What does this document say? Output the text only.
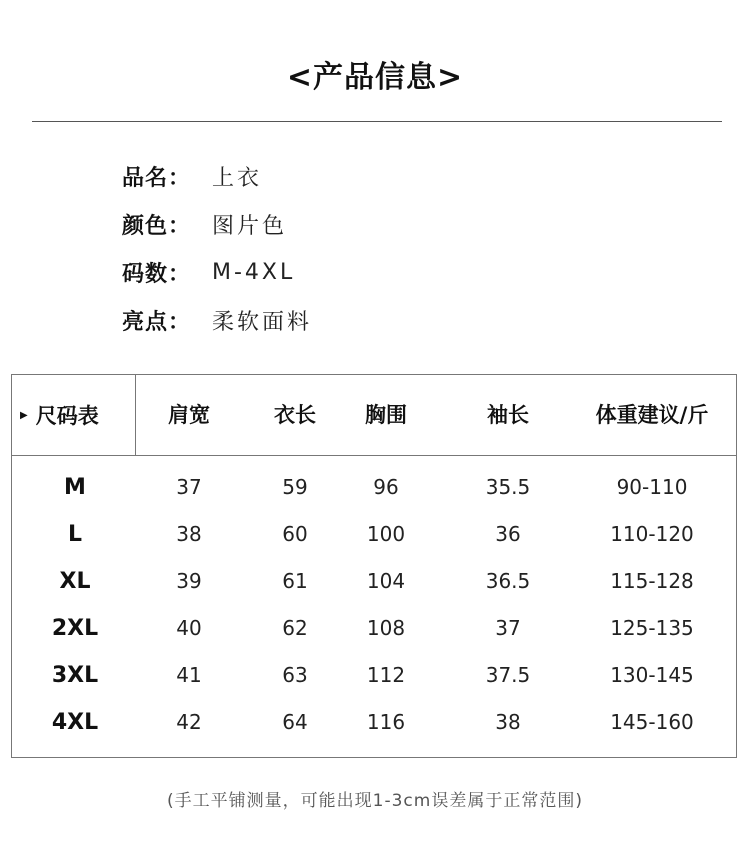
<产品信息>
品名： 上衣
颜色： 图片色
码数： M-4XL
亮点： 柔软面料
▶ 尺码表	肩宽	衣长 胸围	袖长	体重建议/斤
M	37	59	96	35.5	90-110
L	38	60	100	36	110-120
XL	39	61	104	36.5	115-128
2XL	40	62	108	37	125-135
3XL	41	63	112	37.5	130-145
4XL	42	64	116	38	145-160
(手工平铺测量，可能出现1-3cm误差属于正常范围)
